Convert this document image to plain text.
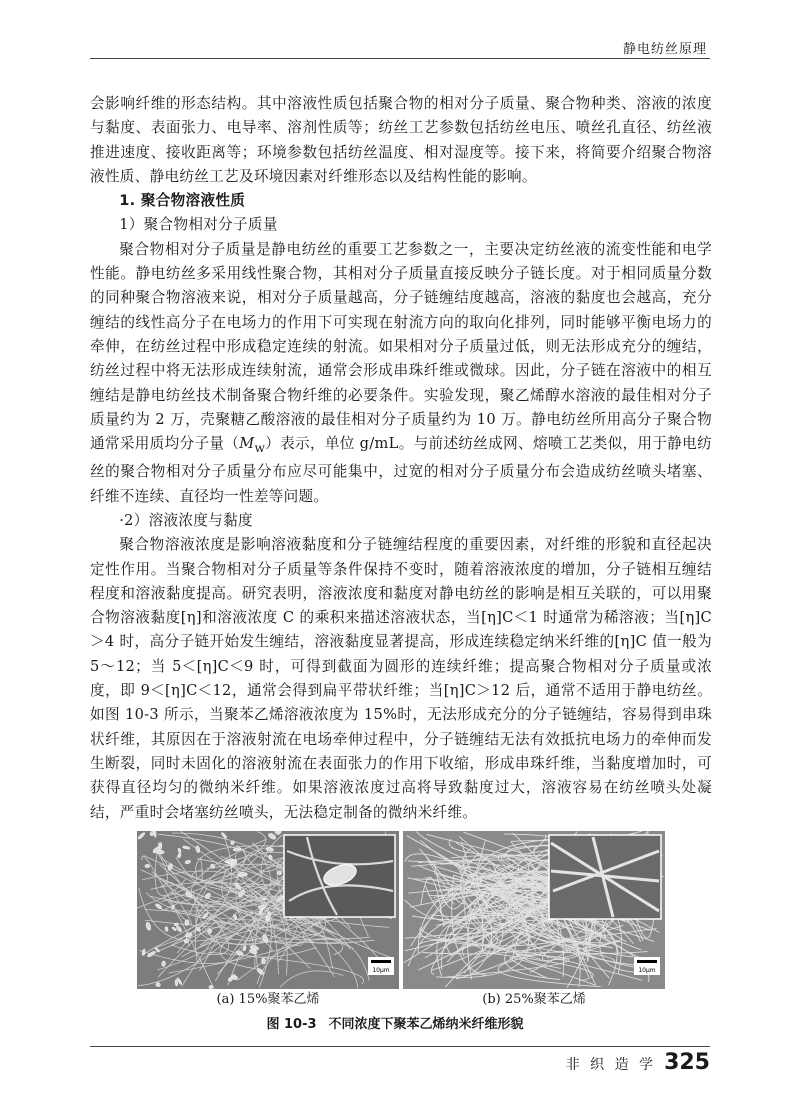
静电纺丝原理

会影响纤维的形态结构。其中溶液性质包括聚合物的相对分子质量、聚合物种类、溶液的浓度与黏度、表面张力、电导率、溶剂性质等；纺丝工艺参数包括纺丝电压、喷丝孔直径、纺丝液推进速度、接收距离等；环境参数包括纺丝温度、相对湿度等。接下来，将简要介绍聚合物溶液性质、静电纺丝工艺及环境因素对纤维形态以及结构性能的影响。

1. 聚合物溶液性质

1）聚合物相对分子质量

聚合物相对分子质量是静电纺丝的重要工艺参数之一，主要决定纺丝液的流变性能和电学性能。静电纺丝多采用线性聚合物，其相对分子质量直接反映分子链长度。对于相同质量分数的同种聚合物溶液来说，相对分子质量越高，分子链缠结度越高，溶液的黏度也会越高，充分缠结的线性高分子在电场力的作用下可实现在射流方向的取向化排列，同时能够平衡电场力的牵伸，在纺丝过程中形成稳定连续的射流。如果相对分子质量过低，则无法形成充分的缠结，纺丝过程中将无法形成连续射流，通常会形成串珠纤维或微球。因此，分子链在溶液中的相互缠结是静电纺丝技术制备聚合物纤维的必要条件。实验发现，聚乙烯醇水溶液的最佳相对分子质量约为 2 万，壳聚糖乙酸溶液的最佳相对分子质量约为 10 万。静电纺丝所用高分子聚合物通常采用质均分子量$(M_w)$表示，单位 g/mL。与前述纺丝成网、熔喷工艺类似，用于静电纺丝的聚合物相对分子质量分布应尽可能集中，过宽的相对分子质量分布会造成纺丝喷头堵塞、纤维不连续、直径均一性差等问题。

·2）溶液浓度与黏度

聚合物溶液浓度是影响溶液黏度和分子链缠结程度的重要因素，对纤维的形貌和直径起决定性作用。当聚合物相对分子质量等条件保持不变时，随着溶液浓度的增加，分子链相互缠结程度和溶液黏度提高。研究表明，溶液浓度和黏度对静电纺丝的影响是相互关联的，可以用聚合物溶液黏度[η]和溶液浓度 C 的乘积来描述溶液状态，当[η]C＜1 时通常为稀溶液；当[η]C＞4 时，高分子链开始发生缠结，溶液黏度显著提高，形成连续稳定纳米纤维的[η]C 值一般为 5～12；当 5＜[η]C＜9 时，可得到截面为圆形的连续纤维；提高聚合物相对分子质量或浓度，即 9＜[η]C＜12，通常会得到扁平带状纤维；当[η]C＞12 后，通常不适用于静电纺丝。如图 10-3 所示，当聚苯乙烯溶液浓度为 15%时，无法形成充分的分子链缠结，容易得到串珠状纤维，其原因在于溶液射流在电场牵伸过程中，分子链缠结无法有效抵抗电场力的牵伸而发生断裂，同时未固化的溶液射流在表面张力的作用下收缩，形成串珠纤维，当黏度增加时，可获得直径均匀的微纳米纤维。如果溶液浓度过高将导致黏度过大，溶液容易在纺丝喷头处凝结，严重时会堵塞纺丝喷头，无法稳定制备的微纳米纤维。

10μm
(a) 15%聚苯乙烯
10μm
(b) 25%聚苯乙烯
图 10-3 不同浓度下聚苯乙烯纳米纤维形貌
非 织 造 学 325
